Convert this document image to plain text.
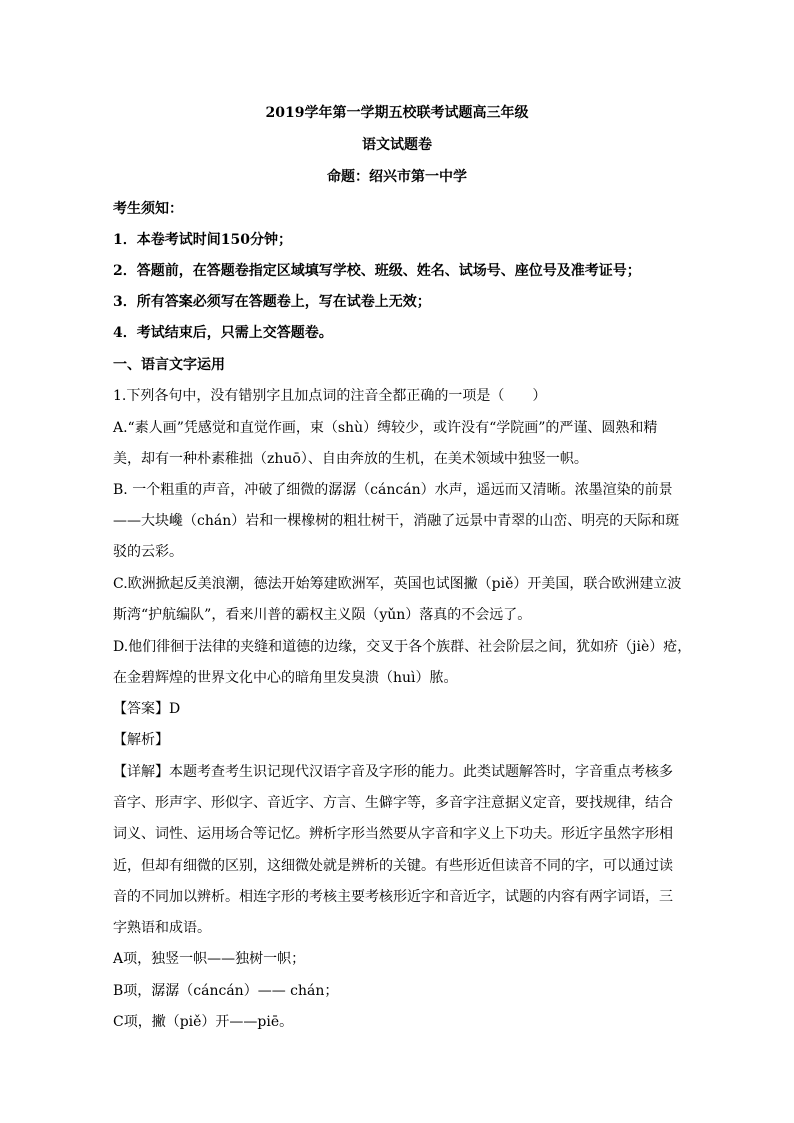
2019学年第一学期五校联考试题高三年级
语文试题卷
命题：绍兴市第一中学
考生须知：
1．本卷考试时间150分钟；
2．答题前，在答题卷指定区域填写学校、班级、姓名、试场号、座位号及准考证号；
3．所有答案必须写在答题卷上，写在试卷上无效；
4．考试结束后，只需上交答题卷。
一、语言文字运用
1.下列各句中，没有错别字且加点词的注音全都正确的一项是（　　）
A.“素人画”凭感觉和直觉作画，束（shù）缚较少，或许没有“学院画”的严谨、圆熟和精
美，却有一种朴素稚拙（zhuō）、自由奔放的生机，在美术领域中独竖一帜。
B. 一个粗重的声音，冲破了细微的潺潺（cáncán）水声，遥远而又清晰。浓墨渲染的前景
——大块巉（chán）岩和一棵橡树的粗壮树干，消融了远景中青翠的山峦、明亮的天际和斑
驳的云彩。
C.欧洲掀起反美浪潮，德法开始筹建欧洲军，英国也试图撇（piě）开美国，联合欧洲建立波
斯湾“护航编队”，看来川普的霸权主义陨（yǔn）落真的不会远了。
D.他们徘徊于法律的夹缝和道德的边缘，交叉于各个族群、社会阶层之间，犹如疥（jiè）疮，
在金碧辉煌的世界文化中心的暗角里发臭溃（huì）脓。
【答案】D
【解析】
【详解】本题考查考生识记现代汉语字音及字形的能力。此类试题解答时，字音重点考核多
音字、形声字、形似字、音近字、方言、生僻字等，多音字注意据义定音，要找规律，结合
词义、词性、运用场合等记忆。辨析字形当然要从字音和字义上下功夫。形近字虽然字形相
近，但却有细微的区别，这细微处就是辨析的关键。有些形近但读音不同的字，可以通过读
音的不同加以辨析。相连字形的考核主要考核形近字和音近字，试题的内容有两字词语，三
字熟语和成语。
A项，独竖一帜——独树一帜；
B项，潺潺（cáncán）—— chán；
C项，撇（piě）开——piē。
